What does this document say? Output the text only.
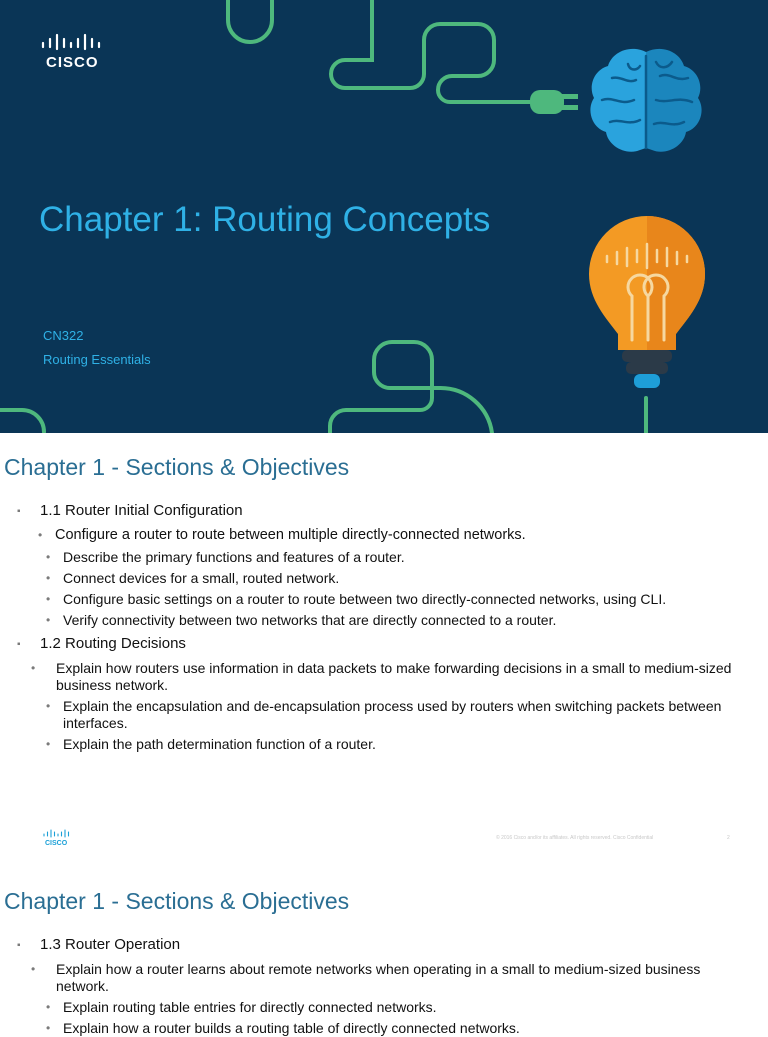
CISCO
Chapter 1: Routing Concepts
CN322
Routing Essentials
Chapter 1 - Sections & Objectives
▪ 1.1 Router Initial Configuration
• Configure a router to route between multiple directly-connected networks.
• Describe the primary functions and features of a router.
• Connect devices for a small, routed network.
• Configure basic settings on a router to route between two directly-connected networks, using CLI.
• Verify connectivity between two networks that are directly connected to a router.
▪ 1.2 Routing Decisions
• Explain how routers use information in data packets to make forwarding decisions in a small to medium-sized business network.
• Explain the encapsulation and de-encapsulation process used by routers when switching packets between interfaces.
• Explain the path determination function of a router.
CISCO
© 2016 Cisco and/or its affiliates. All rights reserved. Cisco Confidential	2
Chapter 1 - Sections & Objectives
▪ 1.3 Router Operation
• Explain how a router learns about remote networks when operating in a small to medium-sized business network.
• Explain routing table entries for directly connected networks.
• Explain how a router builds a routing table of directly connected networks.
